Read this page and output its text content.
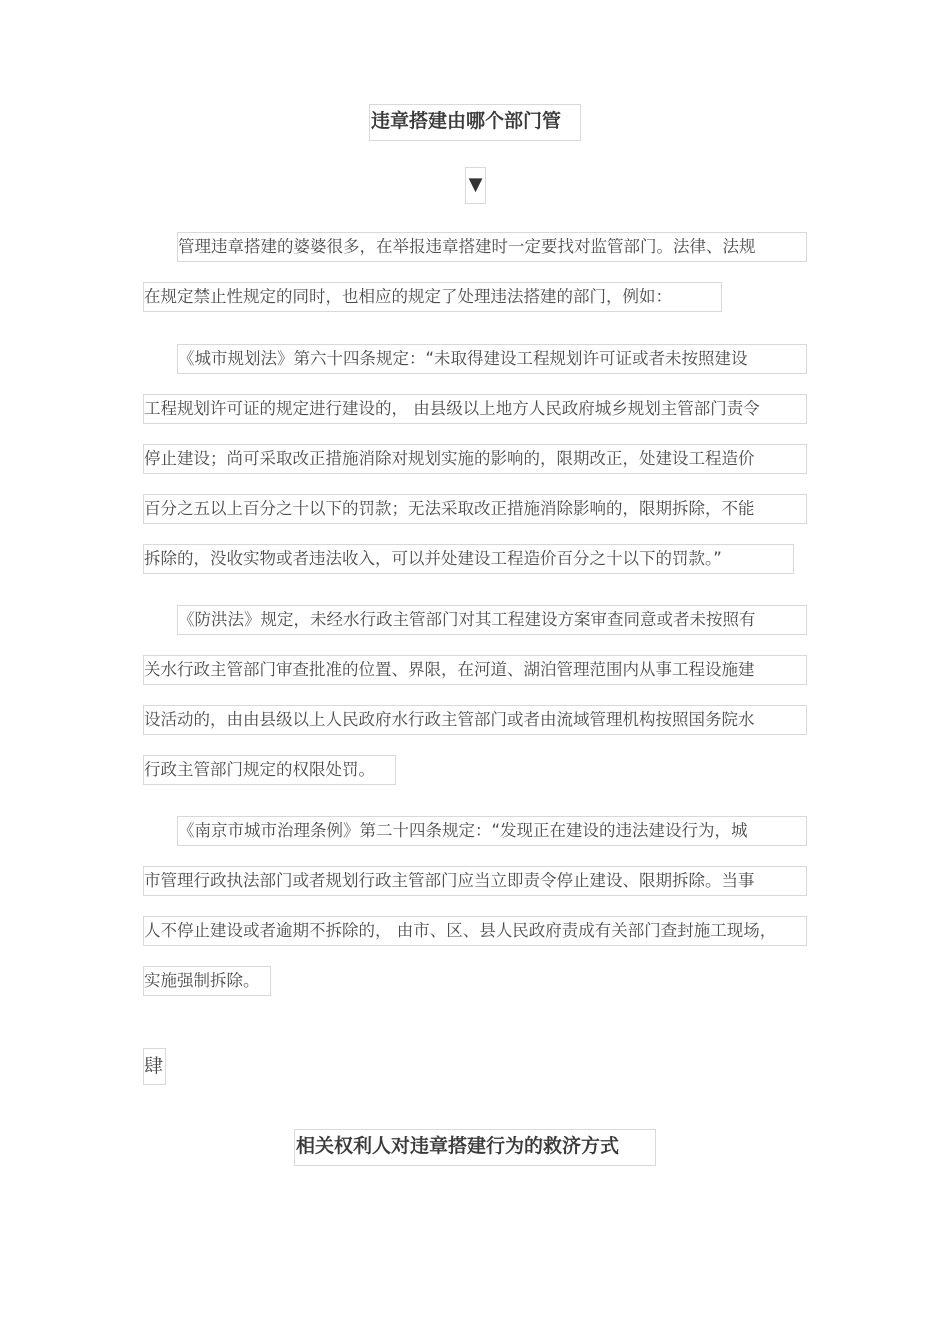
违章搭建由哪个部门管
▼
管理违章搭建的婆婆很多，在举报违章搭建时一定要找对监管部门。法律、法规
在规定禁止性规定的同时，也相应的规定了处理违法搭建的部门，例如：
《城市规划法》第六十四条规定：“未取得建设工程规划许可证或者未按照建设
工程规划许可证的规定进行建设的， 由县级以上地方人民政府城乡规划主管部门责令
停止建设；尚可采取改正措施消除对规划实施的影响的，限期改正，处建设工程造价
百分之五以上百分之十以下的罚款；无法采取改正措施消除影响的，限期拆除，不能
拆除的，没收实物或者违法收入，可以并处建设工程造价百分之十以下的罚款。”
《防洪法》规定，未经水行政主管部门对其工程建设方案审查同意或者未按照有
关水行政主管部门审查批准的位置、界限，在河道、湖泊管理范围内从事工程设施建
设活动的，由由县级以上人民政府水行政主管部门或者由流域管理机构按照国务院水
行政主管部门规定的权限处罚。
《南京市城市治理条例》第二十四条规定：“发现正在建设的违法建设行为，城
市管理行政执法部门或者规划行政主管部门应当立即责令停止建设、限期拆除。当事
人不停止建设或者逾期不拆除的， 由市、区、县人民政府责成有关部门查封施工现场，
实施强制拆除。
肆
相关权利人对违章搭建行为的救济方式
